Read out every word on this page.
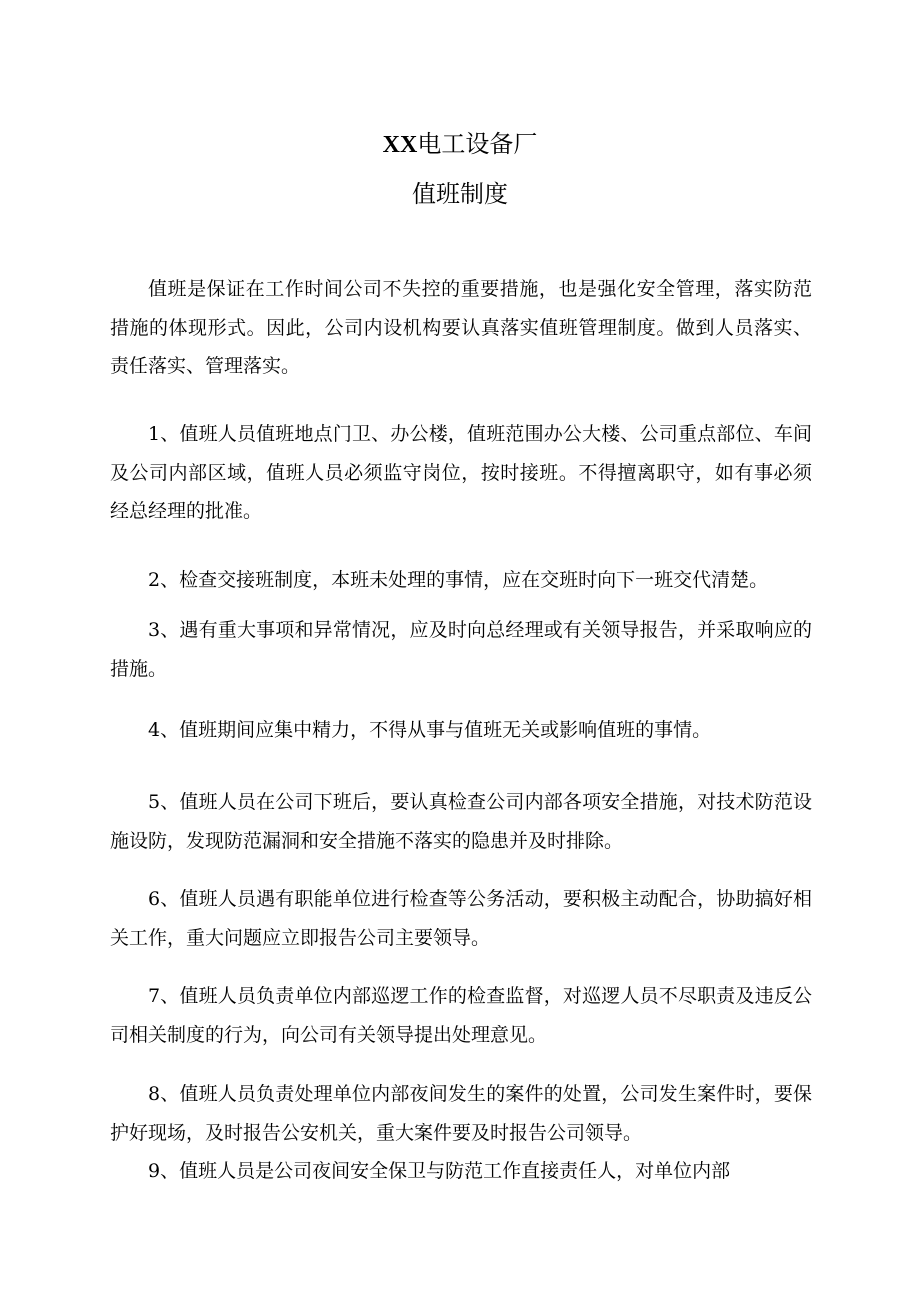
XX电工设备厂
值班制度

值班是保证在工作时间公司不失控的重要措施，也是强化安全管理，落实防范措施的体现形式。因此，公司内设机构要认真落实值班管理制度。做到人员落实、责任落实、管理落实。

1、值班人员值班地点门卫、办公楼，值班范围办公大楼、公司重点部位、车间及公司内部区域，值班人员必须监守岗位，按时接班。不得擅离职守，如有事必须经总经理的批准。

2、检查交接班制度，本班未处理的事情，应在交班时向下一班交代清楚。

3、遇有重大事项和异常情况，应及时向总经理或有关领导报告，并采取响应的措施。

4、值班期间应集中精力，不得从事与值班无关或影响值班的事情。

5、值班人员在公司下班后，要认真检查公司内部各项安全措施，对技术防范设施设防，发现防范漏洞和安全措施不落实的隐患并及时排除。

6、值班人员遇有职能单位进行检查等公务活动，要积极主动配合，协助搞好相关工作，重大问题应立即报告公司主要领导。

7、值班人员负责单位内部巡逻工作的检查监督，对巡逻人员不尽职责及违反公司相关制度的行为，向公司有关领导提出处理意见。

8、值班人员负责处理单位内部夜间发生的案件的处置，公司发生案件时，要保护好现场，及时报告公安机关，重大案件要及时报告公司领导。

9、值班人员是公司夜间安全保卫与防范工作直接责任人，对单位内部
